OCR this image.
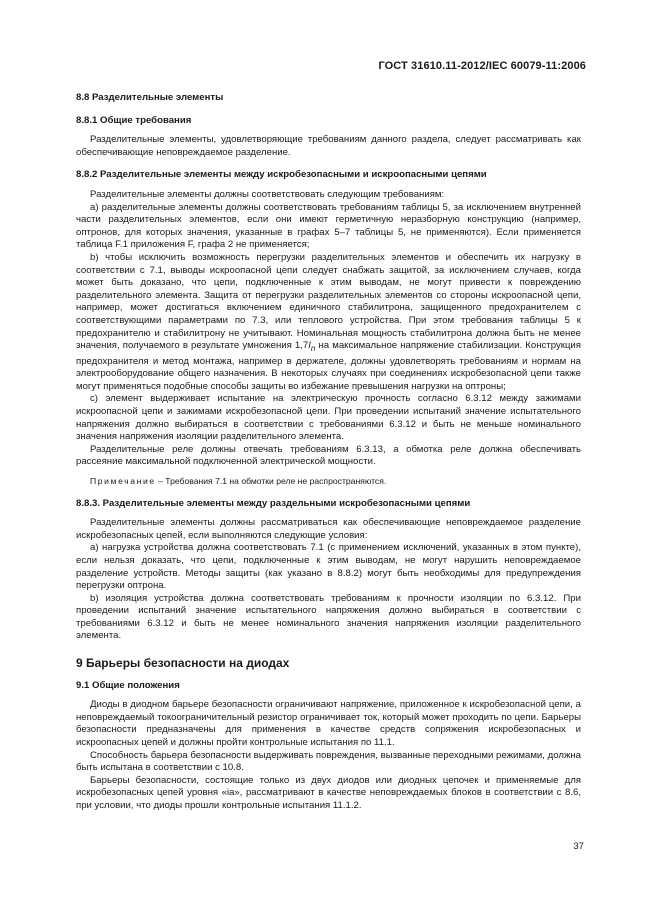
ГОСТ 31610.11-2012/IEC 60079-11:2006
8.8 Разделительные элементы
8.8.1 Общие требования

Разделительные элементы, удовлетворяющие требованиям данного раздела, следует рассматривать как обеспечивающие неповреждаемое разделение.

8.8.2 Разделительные элементы между искробезопасными и искроопасными цепями

Разделительные элементы должны соответствовать следующим требованиям:

a) разделительные элементы должны соответствовать требованиям таблицы 5, за исключением внутренней части разделительных элементов, если они имеют герметичную неразборную конструкцию (например, оптронов, для которых значения, указанные в графах 5–7 таблицы 5, не применяются). Если применяется таблица F.1 приложения F, графа 2 не применяется;

b) чтобы исключить возможность перегрузки разделительных элементов и обеспечить их нагрузку в соответствии с 7.1, выводы искроопасной цепи следует снабжать защитой, за исключением случаев, когда может быть доказано, что цепи, подключенные к этим выводам, не могут привести к повреждению разделительного элемента. Защита от перегрузки разделительных элементов со стороны искроопасной цепи, например, может достигаться включением единичного стабилитрона, защищенного предохранителем с соответствующими параметрами по 7.3, или теплового устройства. При этом требования таблицы 5 к предохранителю и стабилитрону не учитывают. Номинальная мощность стабилитрона должна быть не менее значения, получаемого в результате умножения $1,7I_n$ на максимальное напряжение стабилизации. Конструкция предохранителя и метод монтажа, например в держателе, должны удовлетворять требованиям и нормам на электрооборудование общего назначения. В некоторых случаях при соединениях искробезопасной цепи также могут применяться подобные способы защиты во избежание превышения нагрузки на оптроны;

c) элемент выдерживает испытание на электрическую прочность согласно 6.3.12 между зажимами искроопасной цепи и зажимами искробезопасной цепи. При проведении испытаний значение испытательного напряжения должно выбираться в соответствии с требованиями 6.3.12 и быть не меньше номинального значения напряжения изоляции разделительного элемента.

Разделительные реле должны отвечать требованиям 6.3.13, а обмотка реле должна обеспечивать рассеяние максимальной подключенной электрической мощности.

Примечание – Требования 7.1 на обмотки реле не распространяются.
8.8.3. Разделительные элементы между раздельными искробезопасными цепями

Разделительные элементы должны рассматриваться как обеспечивающие неповреждаемое разделение искробезопасных цепей, если выполняются следующие условия:

a) нагрузка устройства должна соответствовать 7.1 (с применением исключений, указанных в этом пункте), если нельзя доказать, что цепи, подключенные к этим выводам, не могут нарушить неповреждаемое разделение устройств. Методы защиты (как указано в 8.8.2) могут быть необходимы для предупреждения перегрузки оптрона.

b) изоляция устройства должна соответствовать требованиям к прочности изоляции по 6.3.12. При проведении испытаний значение испытательного напряжения должно выбираться в соответствии с требованиями 6.3.12 и быть не менее номинального значения напряжения изоляции разделительного элемента.

9 Барьеры безопасности на диодах
9.1 Общие положения

Диоды в диодном барьере безопасности ограничивают напряжение, приложенное к искробезопасной цепи, а неповреждаемый токоограничительный резистор ограничивает ток, который может проходить по цепи. Барьеры безопасности предназначены для применения в качестве средств сопряжения искробезопасных и искроопасных цепей и должны пройти контрольные испытания по 11.1.

Способность барьера безопасности выдерживать повреждения, вызванные переходными режимами, должна быть испытана в соответствии с 10.8.

Барьеры безопасности, состоящие только из двух диодов или диодных цепочек и применяемые для искробезопасных цепей уровня «ia», рассматривают в качестве неповреждаемых блоков в соответствии с 8.6, при условии, что диоды прошли контрольные испытания 11.1.2.

37
